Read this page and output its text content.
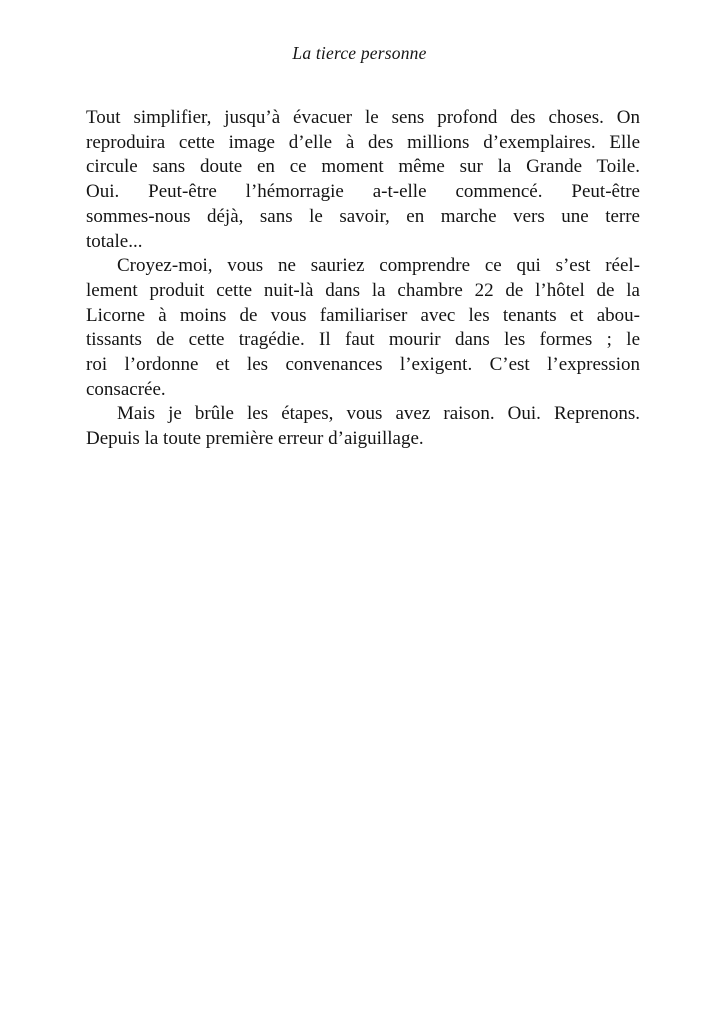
La tierce personne
Tout simplifier, jusqu’à évacuer le sens profond des choses. On
reproduira cette image d’elle à des millions d’exemplaires. Elle
circule sans doute en ce moment même sur la Grande Toile.
Oui. Peut-être l’hémorragie a-t-elle commencé. Peut-être
sommes-nous déjà, sans le savoir, en marche vers une terre
totale...
Croyez-moi, vous ne sauriez comprendre ce qui s’est réel-
lement produit cette nuit-là dans la chambre 22 de l’hôtel de la
Licorne à moins de vous familiariser avec les tenants et abou-
tissants de cette tragédie. Il faut mourir dans les formes ; le
roi l’ordonne et les convenances l’exigent. C’est l’expression
consacrée.
Mais je brûle les étapes, vous avez raison. Oui. Reprenons.
Depuis la toute première erreur d’aiguillage.
